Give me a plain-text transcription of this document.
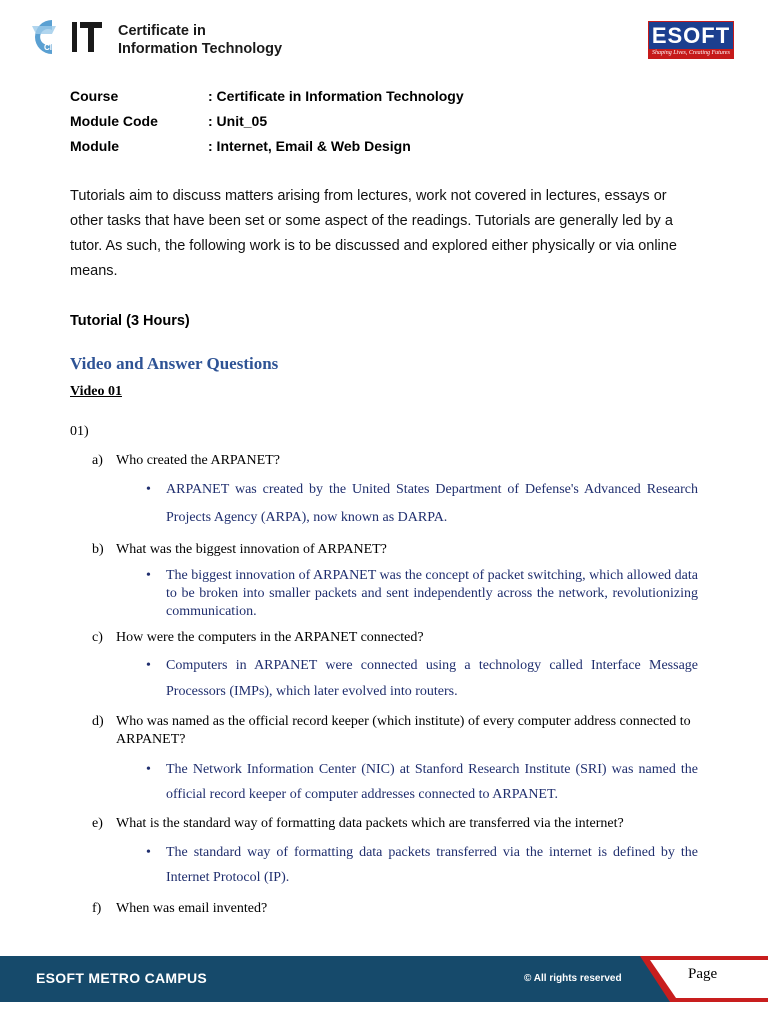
CIT
Certificate in
Information Technology
ESOFT
Shaping Lives, Creating Futures
Course	: Certificate in Information Technology
Module Code	: Unit_05
Module	: Internet, Email & Web Design
Tutorials aim to discuss matters arising from lectures, work not covered in lectures, essays or other tasks that have been set or some aspect of the readings. Tutorials are generally led by a tutor. As such, the following work is to be discussed and explored either physically or via online means.
Tutorial (3 Hours)
Video and Answer Questions
Video 01
01)
a) Who created the ARPANET?
• ARPANET was created by the United States Department of Defense's Advanced Research Projects Agency (ARPA), now known as DARPA.
b) What was the biggest innovation of ARPANET?
• The biggest innovation of ARPANET was the concept of packet switching, which allowed data to be broken into smaller packets and sent independently across the network, revolutionizing communication.
c) How were the computers in the ARPANET connected?
• Computers in ARPANET were connected using a technology called Interface Message Processors (IMPs), which later evolved into routers.
d) Who was named as the official record keeper (which institute) of every computer address connected to ARPANET?
• The Network Information Center (NIC) at Stanford Research Institute (SRI) was named the official record keeper of computer addresses connected to ARPANET.
e) What is the standard way of formatting data packets which are transferred via the internet?
• The standard way of formatting data packets transferred via the internet is defined by the Internet Protocol (IP).
f) When was email invented?
ESOFT METRO CAMPUS	© All rights reserved	Page
